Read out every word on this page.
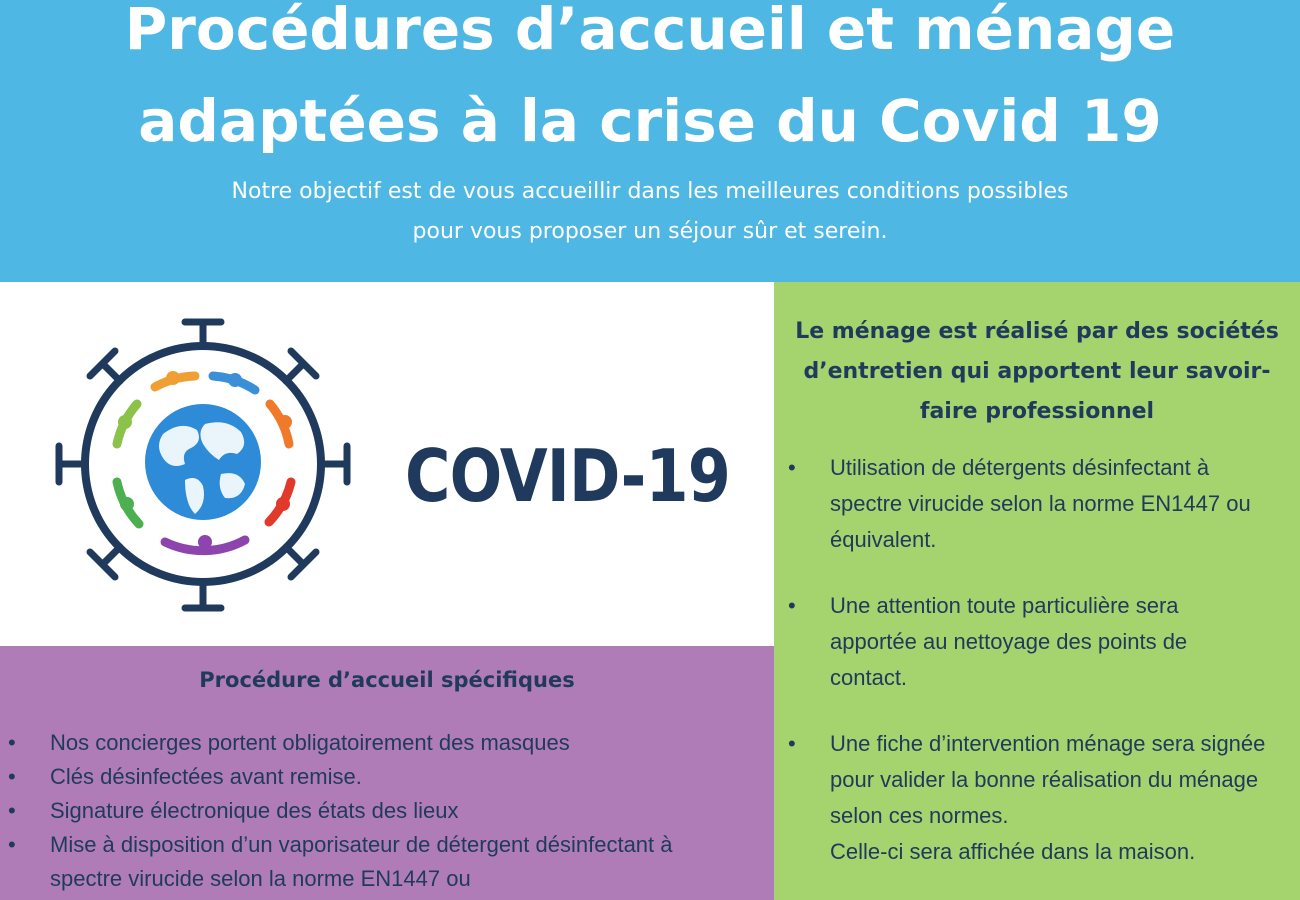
Procédures d’accueil et ménage
adaptées à la crise du Covid 19
Notre objectif est de vous accueillir dans les meilleures conditions possibles
pour vous proposer un séjour sûr et serein.
COVID-19
Procédure d’accueil spécifiques
• Nos concierges portent obligatoirement des masques
• Clés désinfectées avant remise.
• Signature électronique des états des lieux
• Mise à disposition d’un vaporisateur de détergent désinfectant à spectre virucide selon la norme EN1447 ou
Le ménage est réalisé par des sociétés d’entretien qui apportent leur savoir-faire professionnel
• Utilisation de détergents désinfectant à spectre virucide selon la norme EN1447 ou équivalent.
• Une attention toute particulière sera apportée au nettoyage des points de contact.
• Une fiche d’intervention ménage sera signée pour valider la bonne réalisation du ménage selon ces normes.
Celle-ci sera affichée dans la maison.
